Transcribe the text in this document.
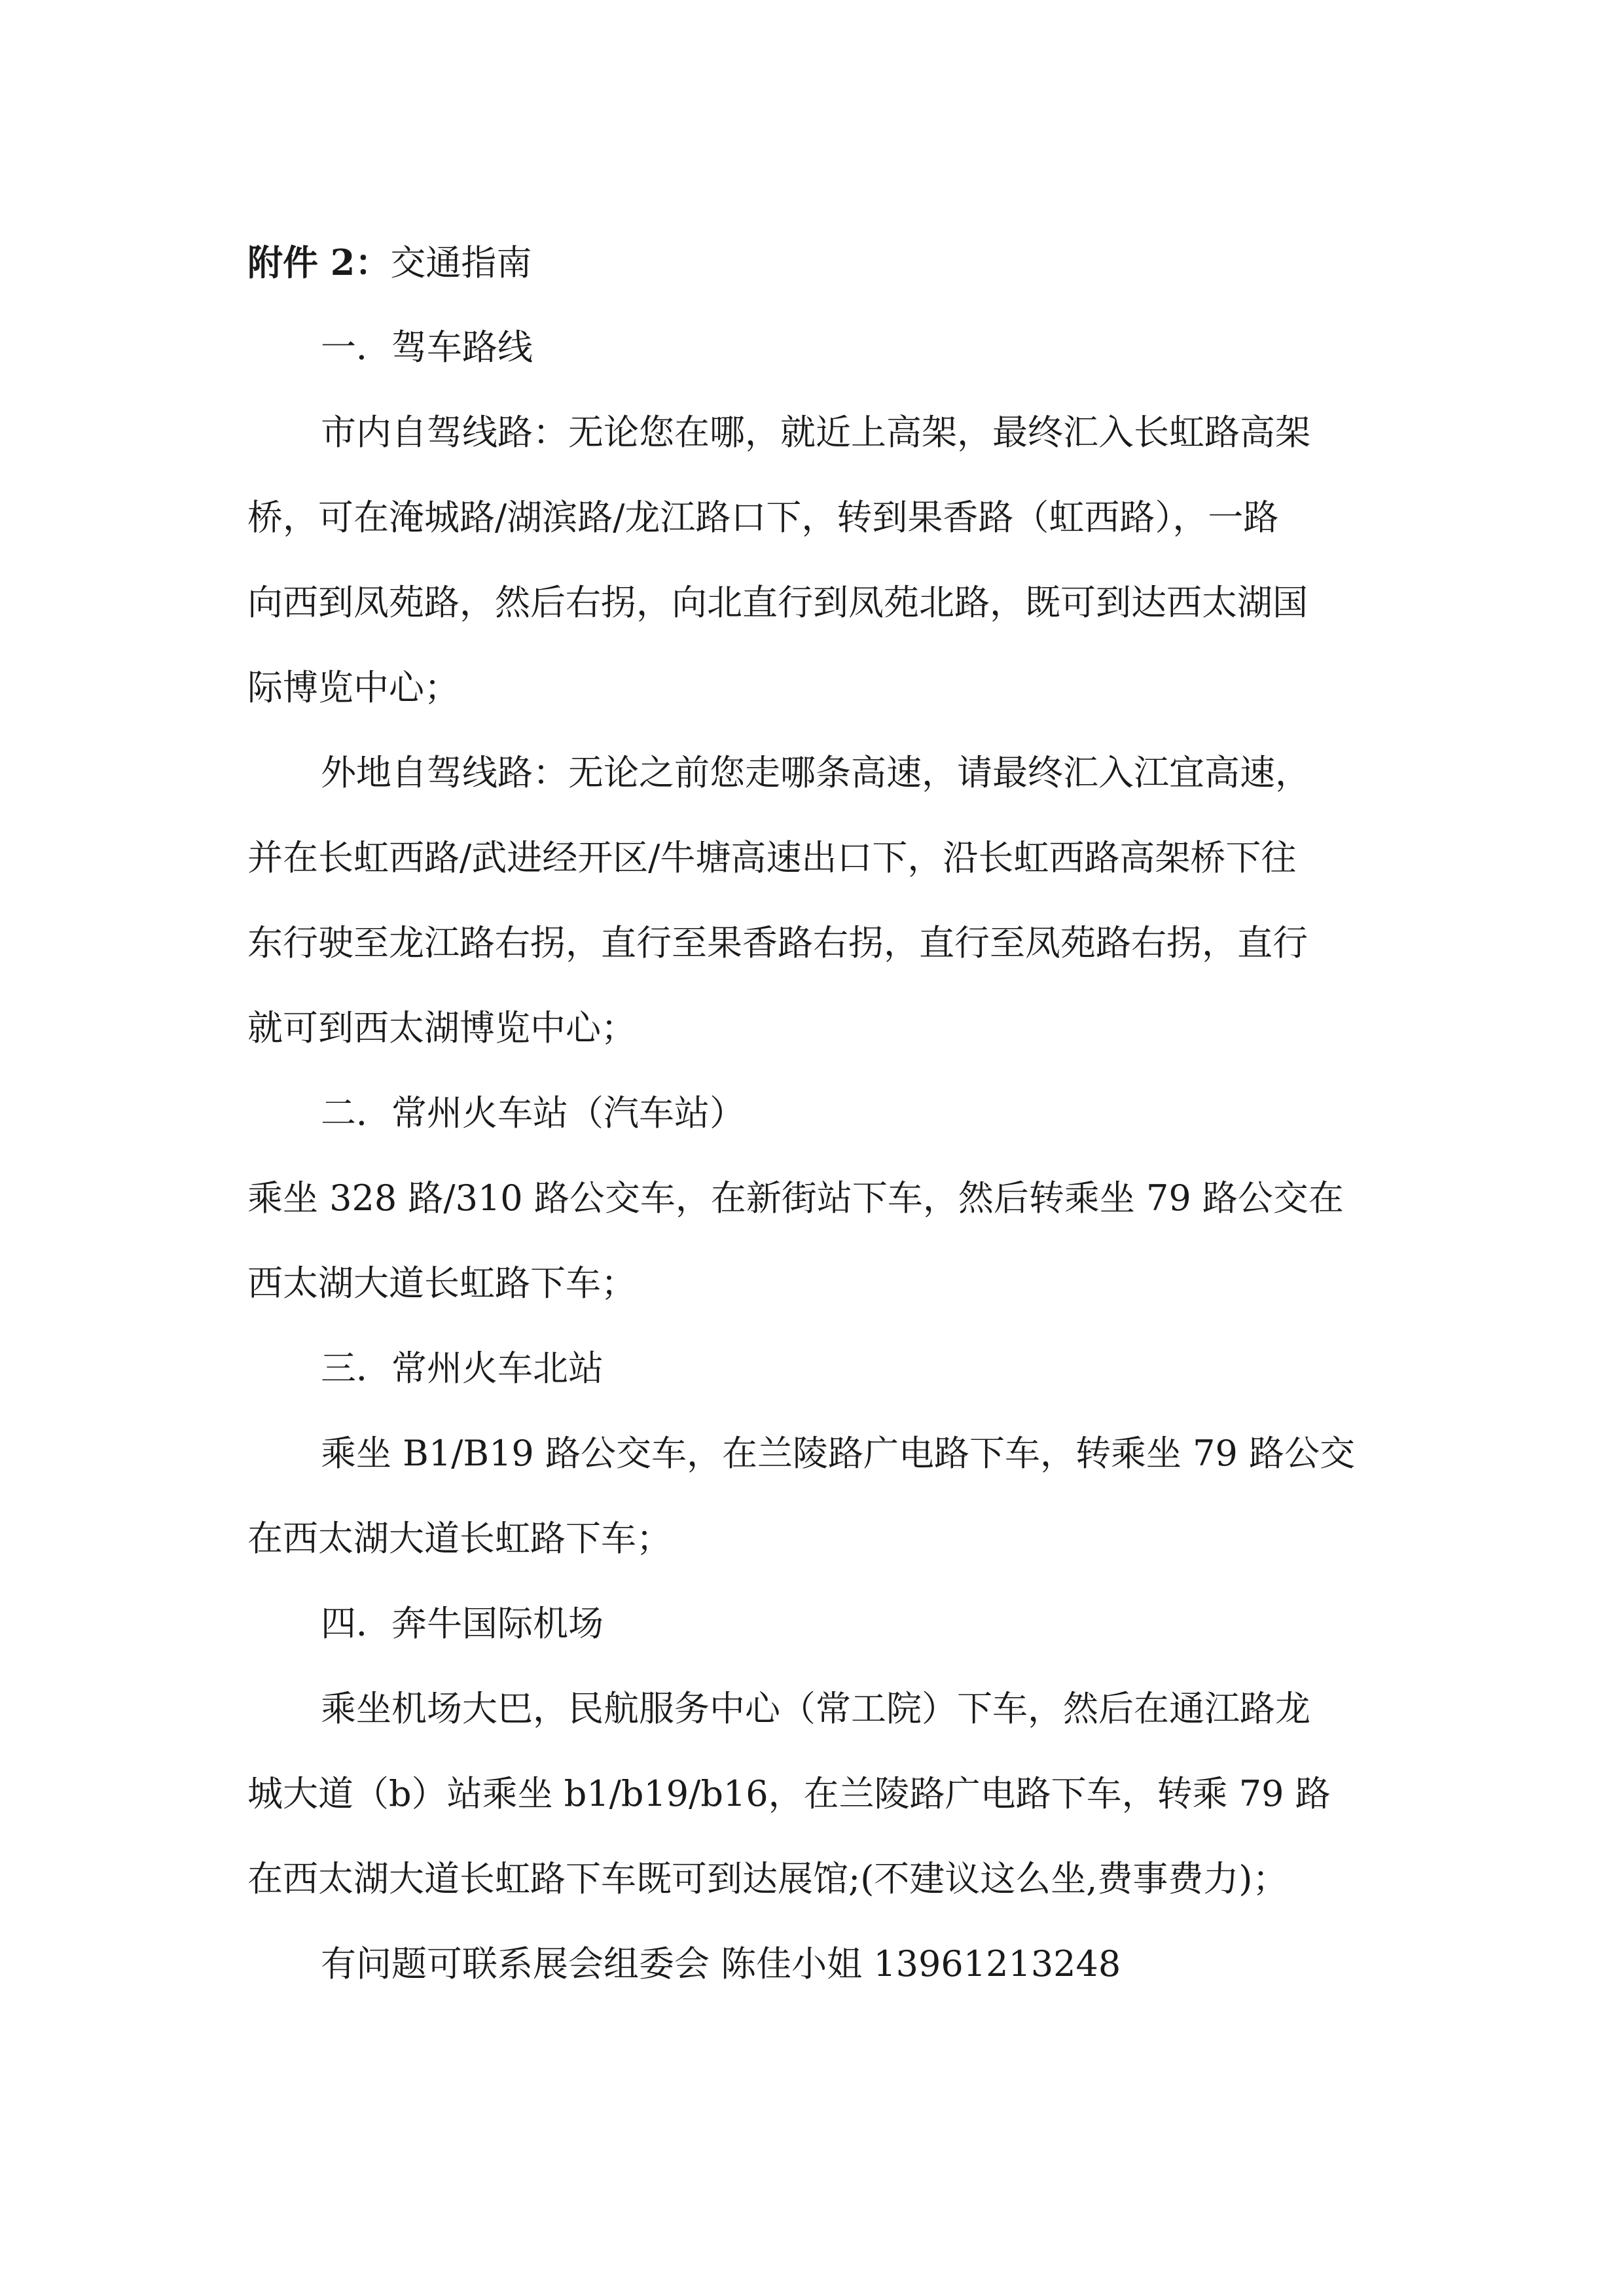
附件 2：交通指南
一．驾车路线
市内自驾线路：无论您在哪，就近上高架，最终汇入长虹路高架
桥，可在淹城路/湖滨路/龙江路口下，转到果香路（虹西路），一路
向西到凤苑路，然后右拐，向北直行到凤苑北路，既可到达西太湖国
际博览中心；
外地自驾线路：无论之前您走哪条高速，请最终汇入江宜高速，
并在长虹西路/武进经开区/牛塘高速出口下，沿长虹西路高架桥下往
东行驶至龙江路右拐，直行至果香路右拐，直行至凤苑路右拐，直行
就可到西太湖博览中心；
二．常州火车站（汽车站）
乘坐 328 路/310 路公交车，在新街站下车，然后转乘坐 79 路公交在
西太湖大道长虹路下车；
三．常州火车北站
乘坐 B1/B19 路公交车，在兰陵路广电路下车，转乘坐 79 路公交
在西太湖大道长虹路下车；
四．奔牛国际机场
乘坐机场大巴，民航服务中心（常工院）下车，然后在通江路龙
城大道（b）站乘坐 b1/b19/b16，在兰陵路广电路下车，转乘 79 路
在西太湖大道长虹路下车既可到达展馆;(不建议这么坐,费事费力)；
有问题可联系展会组委会 陈佳小姐 13961213248
